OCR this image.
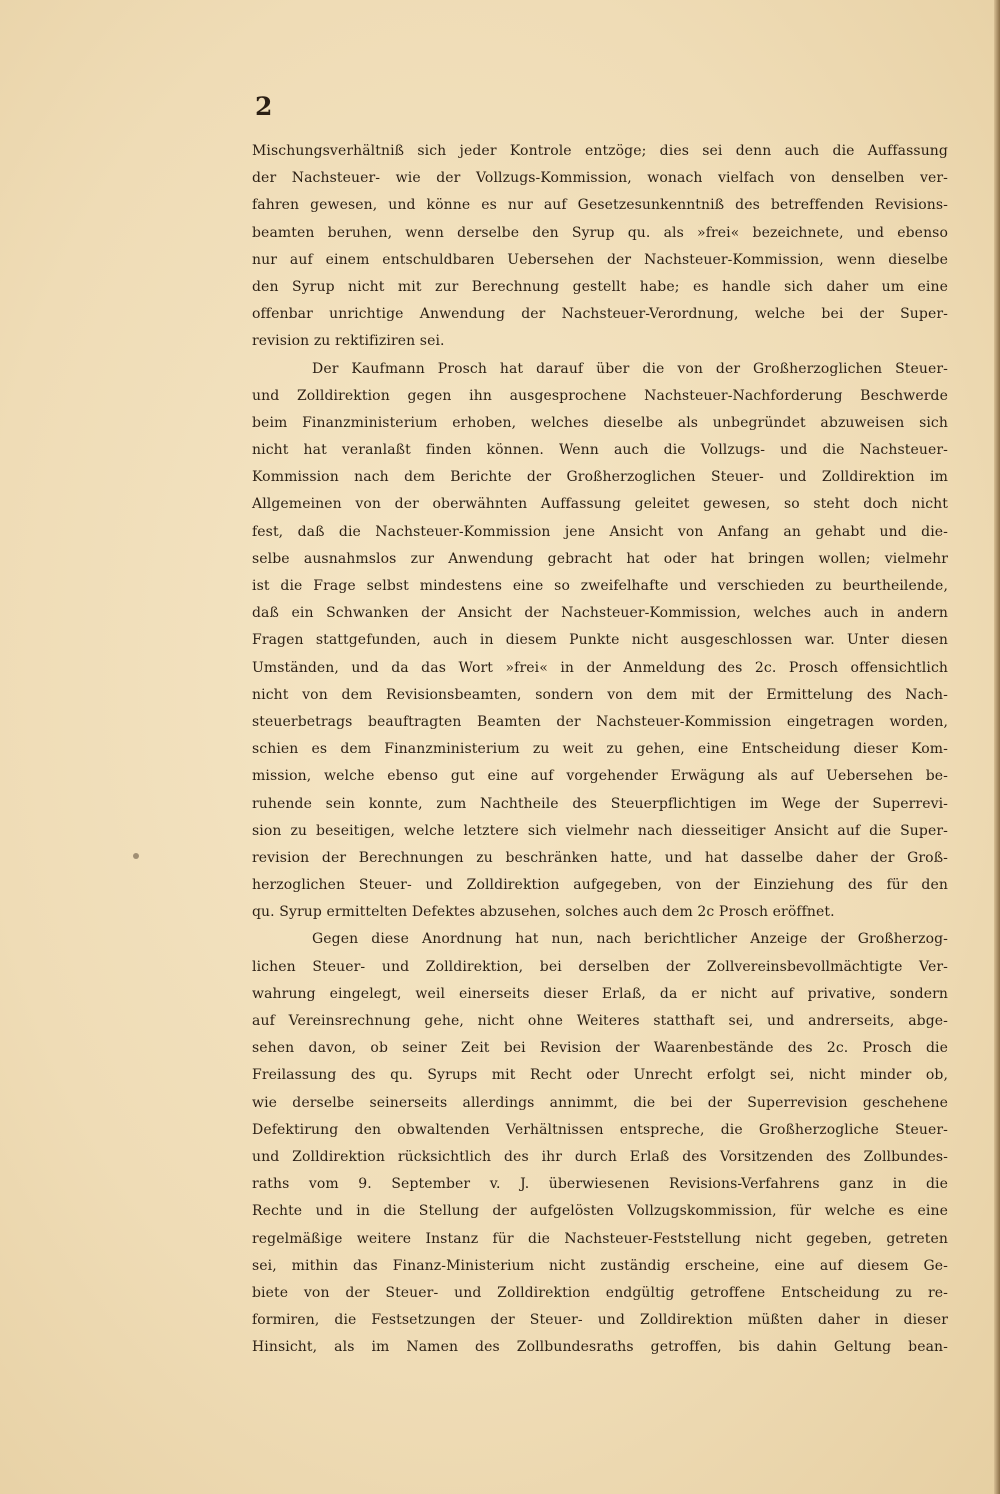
2
Mischungsverhältniß sich jeder Kontrole entzöge; dies sei denn auch die Auffassung
der Nachsteuer- wie der Vollzugs-Kommission, wonach vielfach von denselben ver-
fahren gewesen, und könne es nur auf Gesetzesunkenntniß des betreffenden Revisions-
beamten beruhen, wenn derselbe den Syrup qu. als »frei« bezeichnete, und ebenso
nur auf einem entschuldbaren Uebersehen der Nachsteuer-Kommission, wenn dieselbe
den Syrup nicht mit zur Berechnung gestellt habe; es handle sich daher um eine
offenbar unrichtige Anwendung der Nachsteuer-Verordnung, welche bei der Super-
revision zu rektifiziren sei.
Der Kaufmann Prosch hat darauf über die von der Großherzoglichen Steuer-
und Zolldirektion gegen ihn ausgesprochene Nachsteuer-Nachforderung Beschwerde
beim Finanzministerium erhoben, welches dieselbe als unbegründet abzuweisen sich
nicht hat veranlaßt finden können. Wenn auch die Vollzugs- und die Nachsteuer-
Kommission nach dem Berichte der Großherzoglichen Steuer- und Zolldirektion im
Allgemeinen von der oberwähnten Auffassung geleitet gewesen, so steht doch nicht
fest, daß die Nachsteuer-Kommission jene Ansicht von Anfang an gehabt und die-
selbe ausnahmslos zur Anwendung gebracht hat oder hat bringen wollen; vielmehr
ist die Frage selbst mindestens eine so zweifelhafte und verschieden zu beurtheilende,
daß ein Schwanken der Ansicht der Nachsteuer-Kommission, welches auch in andern
Fragen stattgefunden, auch in diesem Punkte nicht ausgeschlossen war. Unter diesen
Umständen, und da das Wort »frei« in der Anmeldung des 2c. Prosch offensichtlich
nicht von dem Revisionsbeamten, sondern von dem mit der Ermittelung des Nach-
steuerbetrags beauftragten Beamten der Nachsteuer-Kommission eingetragen worden,
schien es dem Finanzministerium zu weit zu gehen, eine Entscheidung dieser Kom-
mission, welche ebenso gut eine auf vorgehender Erwägung als auf Uebersehen be-
ruhende sein konnte, zum Nachtheile des Steuerpflichtigen im Wege der Superrevi-
sion zu beseitigen, welche letztere sich vielmehr nach diesseitiger Ansicht auf die Super-
revision der Berechnungen zu beschränken hatte, und hat dasselbe daher der Groß-
herzoglichen Steuer- und Zolldirektion aufgegeben, von der Einziehung des für den
qu. Syrup ermittelten Defektes abzusehen, solches auch dem 2c Prosch eröffnet.
Gegen diese Anordnung hat nun, nach berichtlicher Anzeige der Großherzog-
lichen Steuer- und Zolldirektion, bei derselben der Zollvereinsbevollmächtigte Ver-
wahrung eingelegt, weil einerseits dieser Erlaß, da er nicht auf privative, sondern
auf Vereinsrechnung gehe, nicht ohne Weiteres statthaft sei, und andrerseits, abge-
sehen davon, ob seiner Zeit bei Revision der Waarenbestände des 2c. Prosch die
Freilassung des qu. Syrups mit Recht oder Unrecht erfolgt sei, nicht minder ob,
wie derselbe seinerseits allerdings annimmt, die bei der Superrevision geschehene
Defektirung den obwaltenden Verhältnissen entspreche, die Großherzogliche Steuer-
und Zolldirektion rücksichtlich des ihr durch Erlaß des Vorsitzenden des Zollbundes-
raths vom 9. September v. J. überwiesenen Revisions-Verfahrens ganz in die
Rechte und in die Stellung der aufgelösten Vollzugskommission, für welche es eine
regelmäßige weitere Instanz für die Nachsteuer-Feststellung nicht gegeben, getreten
sei, mithin das Finanz-Ministerium nicht zuständig erscheine, eine auf diesem Ge-
biete von der Steuer- und Zolldirektion endgültig getroffene Entscheidung zu re-
formiren, die Festsetzungen der Steuer- und Zolldirektion müßten daher in dieser
Hinsicht, als im Namen des Zollbundesraths getroffen, bis dahin Geltung bean-
